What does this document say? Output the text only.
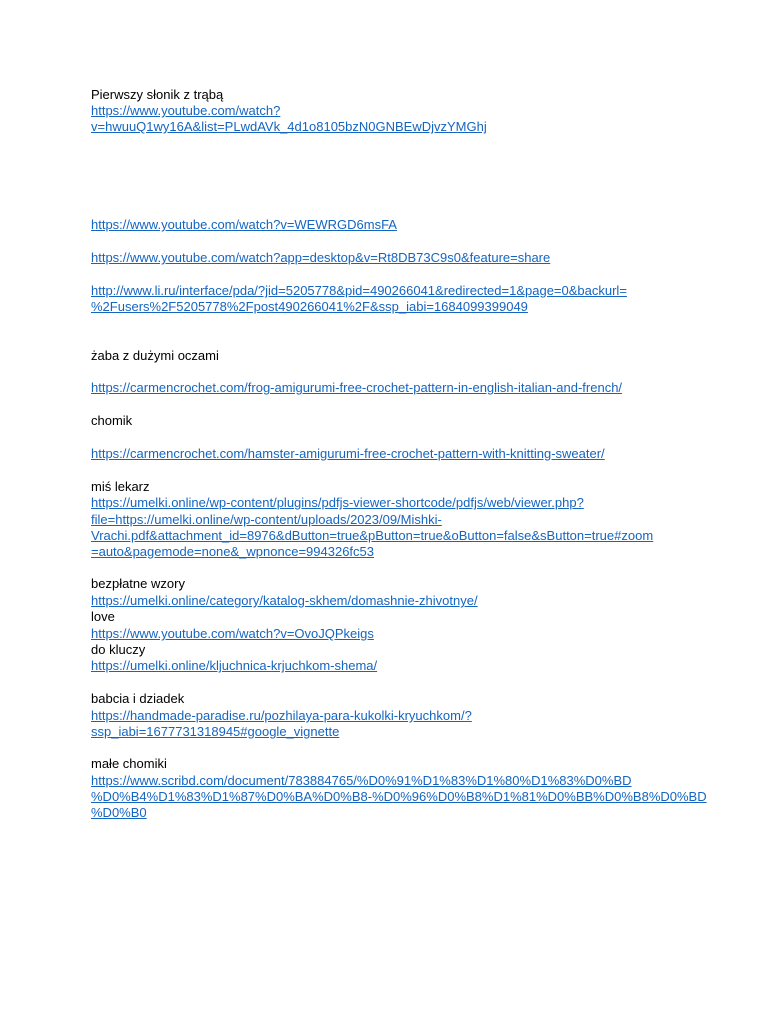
Pierwszy słonik z trąbą
https://www.youtube.com/watch?
v=hwuuQ1wy16A&list=PLwdAVk_4d1o8105bzN0GNBEwDjvzYMGhj
https://www.youtube.com/watch?v=WEWRGD6msFA
https://www.youtube.com/watch?app=desktop&v=Rt8DB73C9s0&feature=share
http://www.li.ru/interface/pda/?jid=5205778&pid=490266041&redirected=1&page=0&backurl=
%2Fusers%2F5205778%2Fpost490266041%2F&ssp_iabi=1684099399049
żaba z dużymi oczami
https://carmencrochet.com/frog-amigurumi-free-crochet-pattern-in-english-italian-and-french/
chomik
https://carmencrochet.com/hamster-amigurumi-free-crochet-pattern-with-knitting-sweater/
miś lekarz
https://umelki.online/wp-content/plugins/pdfjs-viewer-shortcode/pdfjs/web/viewer.php?
file=https://umelki.online/wp-content/uploads/2023/09/Mishki-
Vrachi.pdf&attachment_id=8976&dButton=true&pButton=true&oButton=false&sButton=true#zoom
=auto&pagemode=none&_wpnonce=994326fc53
bezpłatne wzory
https://umelki.online/category/katalog-skhem/domashnie-zhivotnye/
love
https://www.youtube.com/watch?v=OvoJQPkeigs
do kluczy
https://umelki.online/kljuchnica-krjuchkom-shema/
babcia i dziadek
https://handmade-paradise.ru/pozhilaya-para-kukolki-kryuchkom/?
ssp_iabi=1677731318945#google_vignette
małe chomiki
https://www.scribd.com/document/783884765/%D0%91%D1%83%D1%80%D1%83%D0%BD
%D0%B4%D1%83%D1%87%D0%BA%D0%B8-%D0%96%D0%B8%D1%81%D0%BB%D0%B8%D0%BD
%D0%B0
